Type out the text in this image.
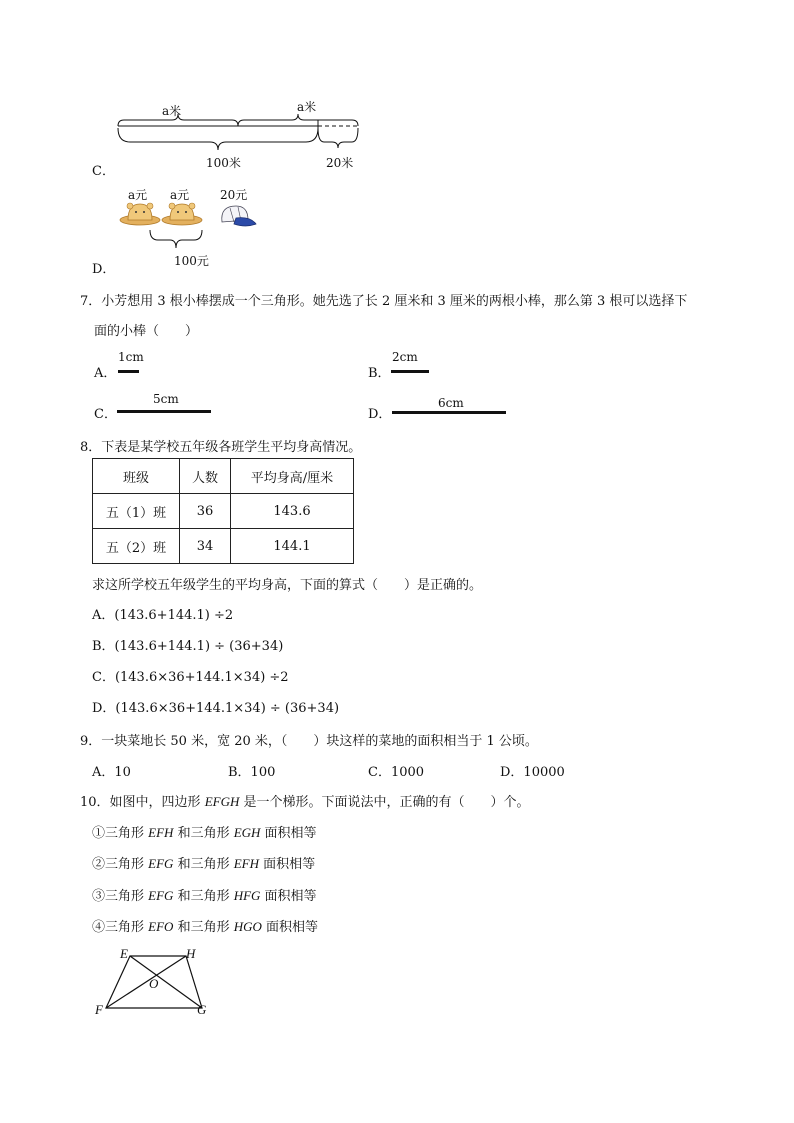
a米	a米
C．
100米	20米
a元 a元	20元
100元
D．
7．小芳想用 3 根小棒摆成一个三角形。她先选了长 2 厘米和 3 厘米的两根小棒，那么第 3 根可以选择下
面的小棒（　　）
A．
1cm
B．
2cm
C．
5cm
D．
6cm
8．下表是某学校五年级各班学生平均身高情况。
班级	人数	平均身高/厘米
五（1）班	36	143.6
五（2）班	34	144.1
求这所学校五年级学生的平均身高，下面的算式（　　）是正确的。
A．(143.6+144.1) ÷2
B．(143.6+144.1) ÷ (36+34)
C．(143.6×36+144.1×34) ÷2
D．(143.6×36+144.1×34) ÷ (36+34)
9．一块菜地长 50 米，宽 20 米，（　　）块这样的菜地的面积相当于 1 公顷。
A．10	B．100	C．1000	D．10000
10．如图中，四边形 EFGH 是一个梯形。下面说法中，正确的有（　　）个。
①三角形 EFH 和三角形 EGH 面积相等
②三角形 EFG 和三角形 EFH 面积相等
③三角形 EFG 和三角形 HFG 面积相等
④三角形 EFO 和三角形 HGO 面积相等
E	H
F	G
O
